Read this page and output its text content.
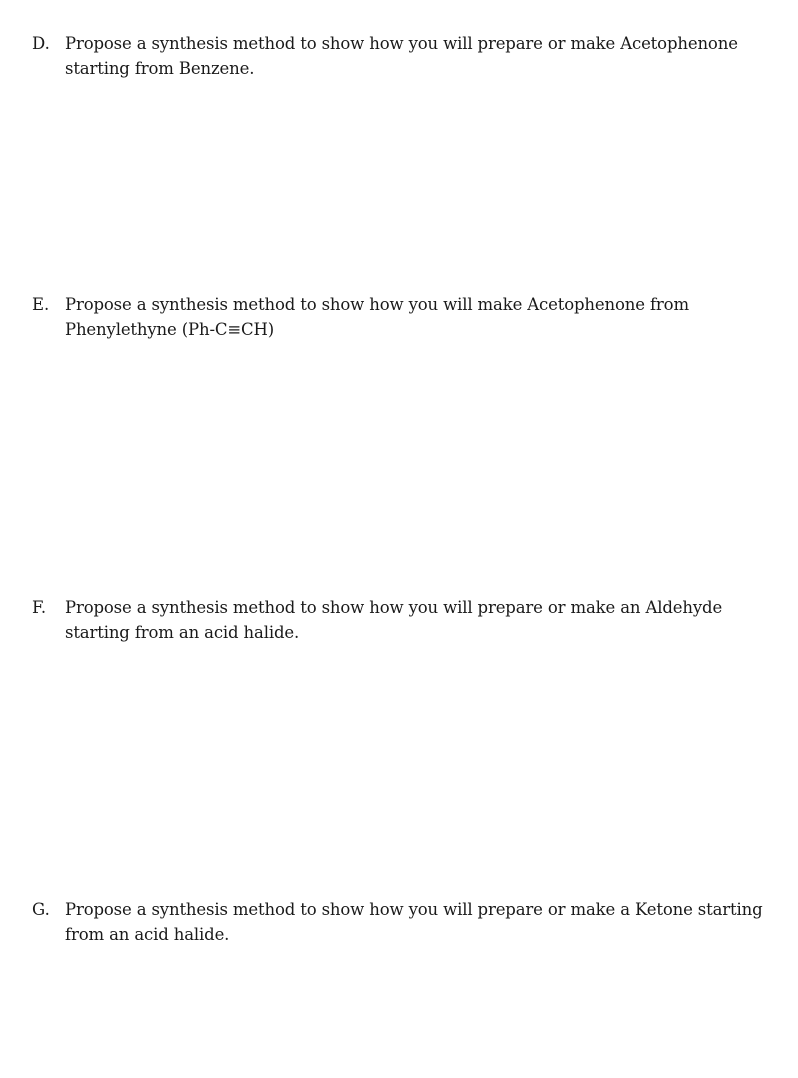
D. Propose a synthesis method to show how you will prepare or make Acetophenone starting from Benzene.
E. Propose a synthesis method to show how you will make Acetophenone from Phenylethyne (Ph-C≡CH)
F.	Propose a synthesis method to show how you will prepare or make an Aldehyde starting from an acid halide.
G. Propose a synthesis method to show how you will prepare or make a Ketone starting from an acid halide.
